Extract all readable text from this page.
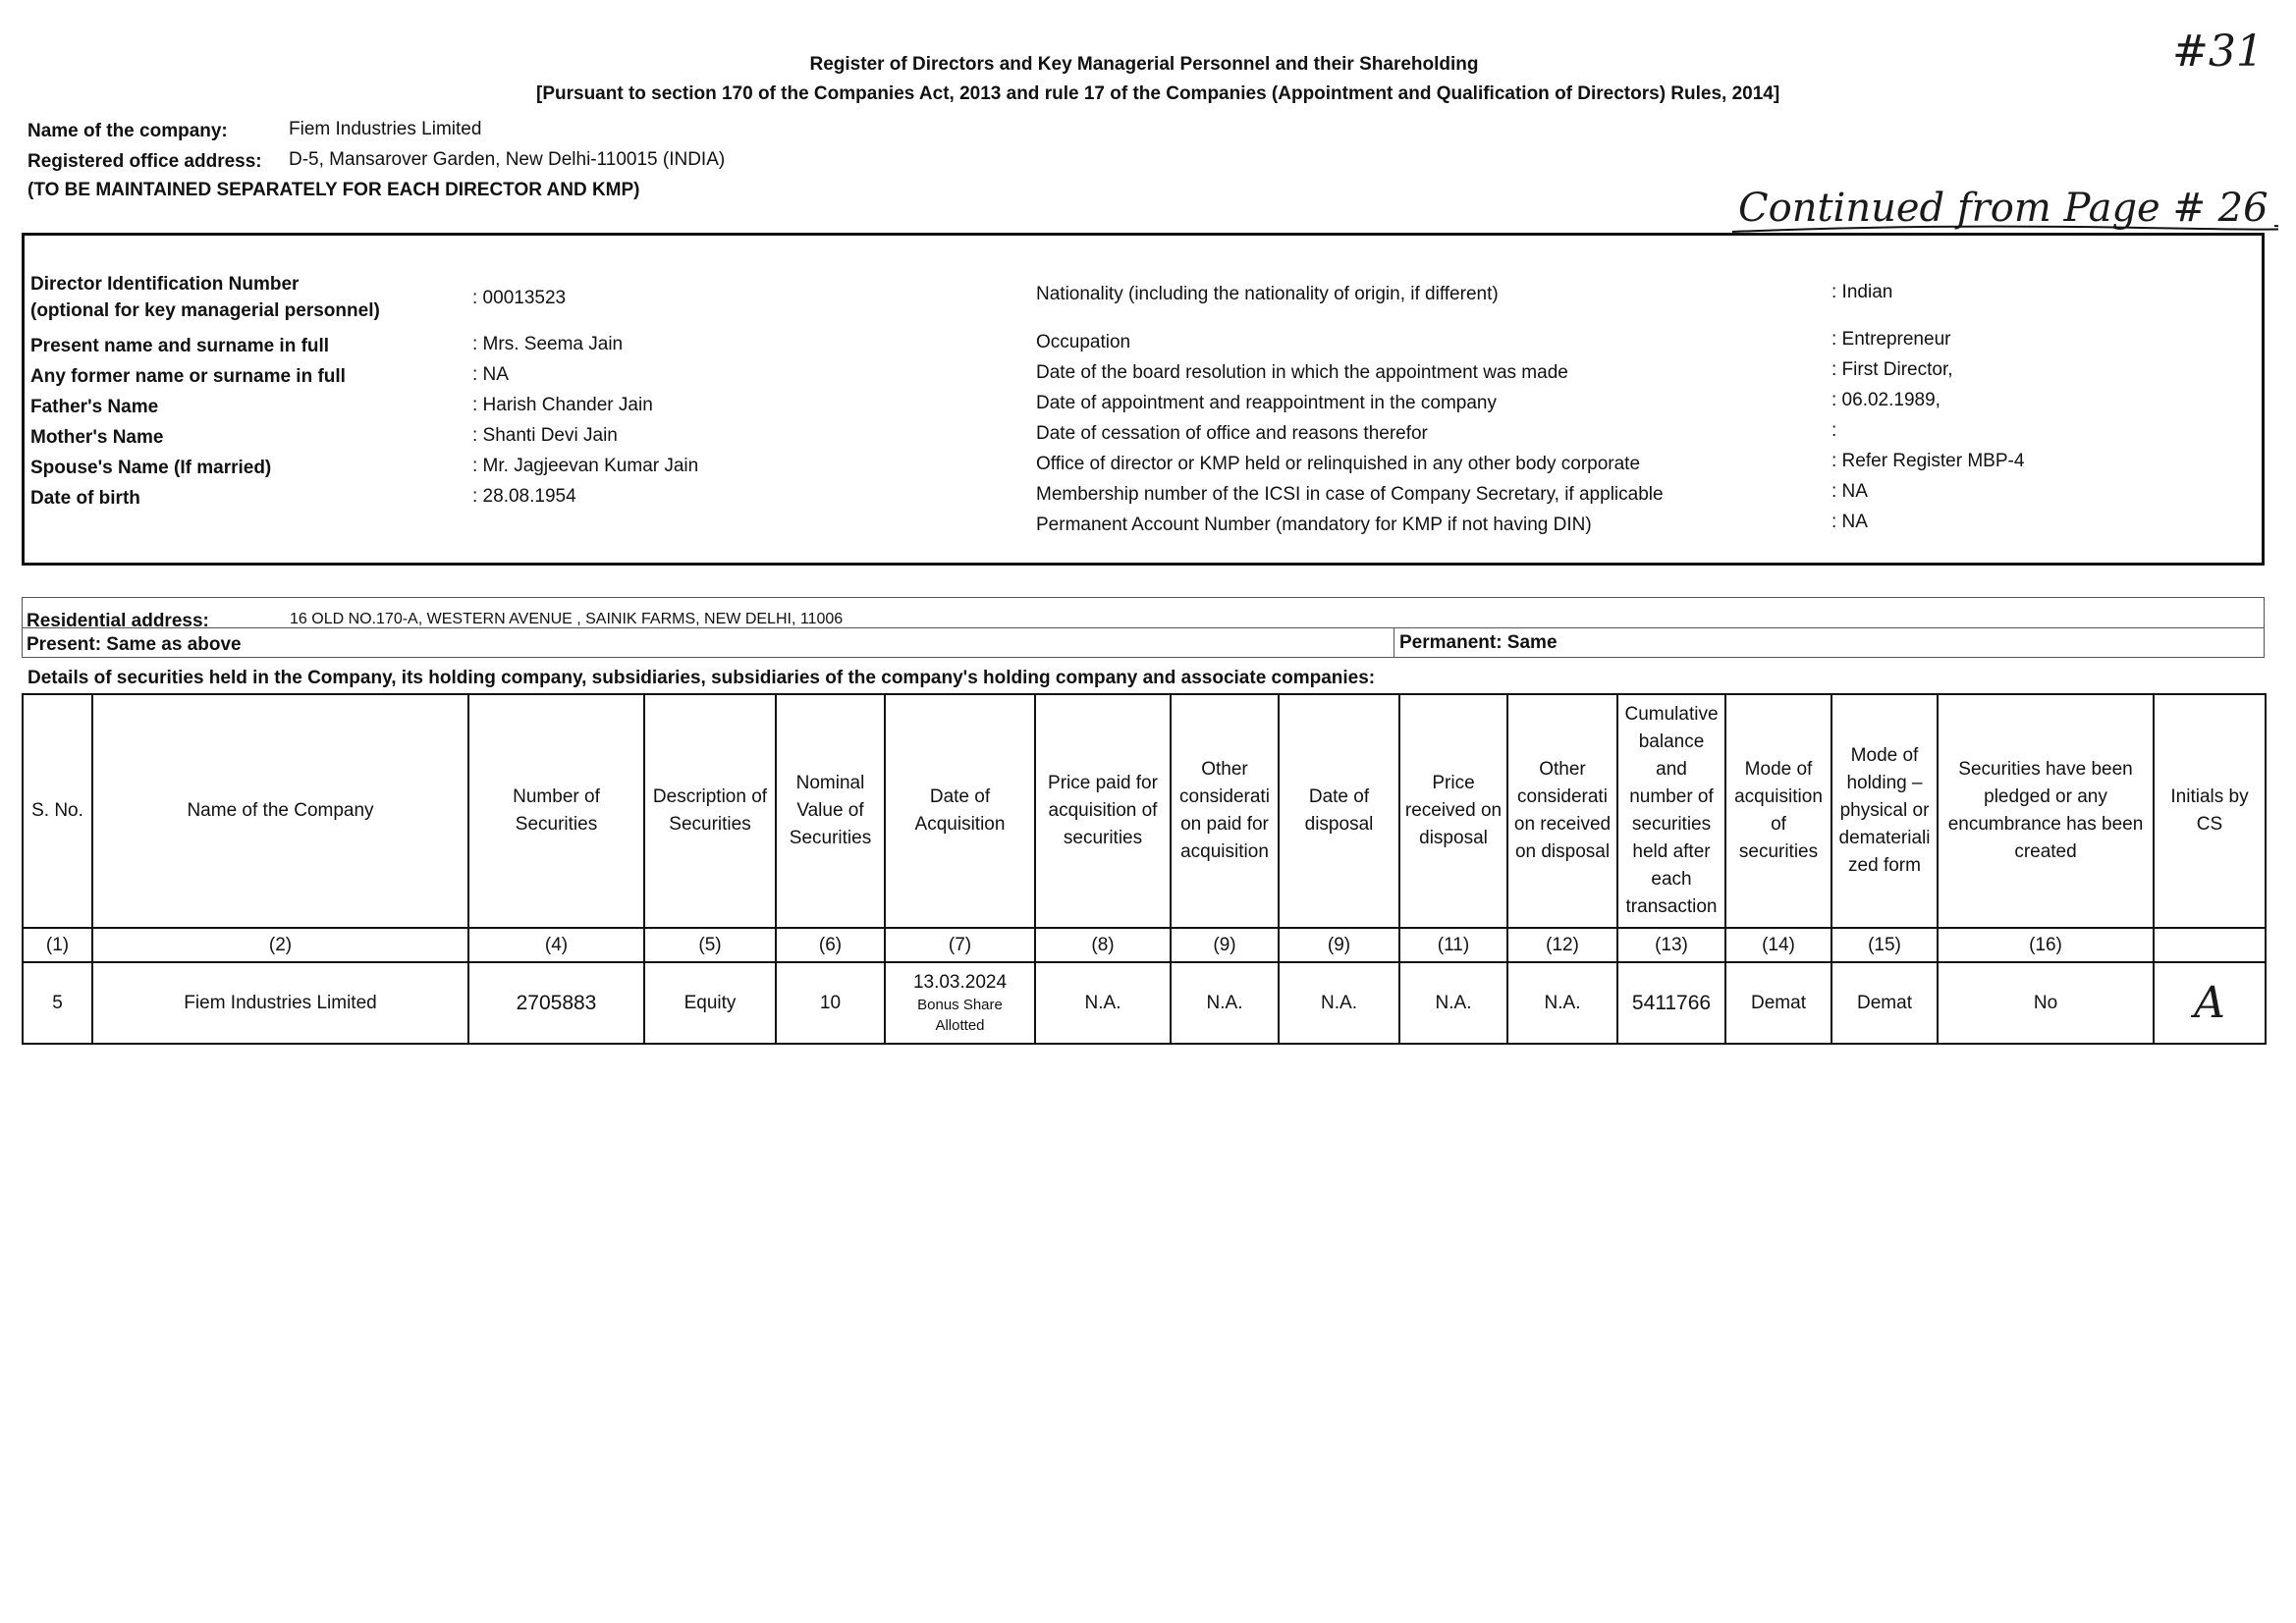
Register of Directors and Key Managerial Personnel and their Shareholding
[Pursuant to section 170 of the Companies Act, 2013 and rule 17 of the Companies (Appointment and Qualification of Directors) Rules, 2014]
#31
Continued from Page # 26
Name of the company:	Fiem Industries Limited
Registered office address: D-5, Mansarover Garden, New Delhi-110015 (INDIA)
(TO BE MAINTAINED SEPARATELY FOR EACH DIRECTOR AND KMP)
Director Identification Number
(optional for key managerial personnel)
: 00013523
Present name and surname in full	: Mrs. Seema Jain
Any former name or surname in full	: NA
Father's Name	: Harish Chander Jain
Mother's Name	: Shanti Devi Jain
Spouse's Name (If married)	: Mr. Jagjeevan Kumar Jain
Date of birth	: 28.08.1954
Nationality (including the nationality of origin, if different)	: Indian
Occupation	: Entrepreneur
Date of the board resolution in which the appointment was made	: First Director,
Date of appointment and reappointment in the company	: 06.02.1989,
Date of cessation of office and reasons therefor	:
Office of director or KMP held or relinquished in any other body corporate	: Refer Register MBP-4
Membership number of the ICSI in case of Company Secretary, if applicable	: NA
Permanent Account Number (mandatory for KMP if not having DIN)	: NA
Residential address:	16 OLD NO.170-A, WESTERN AVENUE , SAINIK FARMS, NEW DELHI, 11006
Present: Same as above	Permanent: Same
Details of securities held in the Company, its holding company, subsidiaries, subsidiaries of the company's holding company and associate companies:
S. No.	Name of the Company	Number of Securities	Description of Securities	Nominal Value of Securities	Date of Acquisition	Price paid for acquisition of securities	Other considerati on paid for acquisition	Date of disposal	Price received on disposal	Other considerati on received on disposal	Cumulative balance and number of securities held after each transaction	Mode of acquisition of securities	Mode of holding – physical or demateriali zed form	Securities have been pledged or any encumbrance has been created	Initials by CS
(1)	(2)	(4)	(5)	(6)	(7)	(8)	(9)	(9)	(11)	(12)	(13)	(14)	(15)	(16)	
5	Fiem Industries Limited	2705883	Equity	10	13.03.2024
Bonus Share
Allotted	N.A.	N.A.	N.A.	N.A.	N.A.	5411766	Demat	Demat	No	A
